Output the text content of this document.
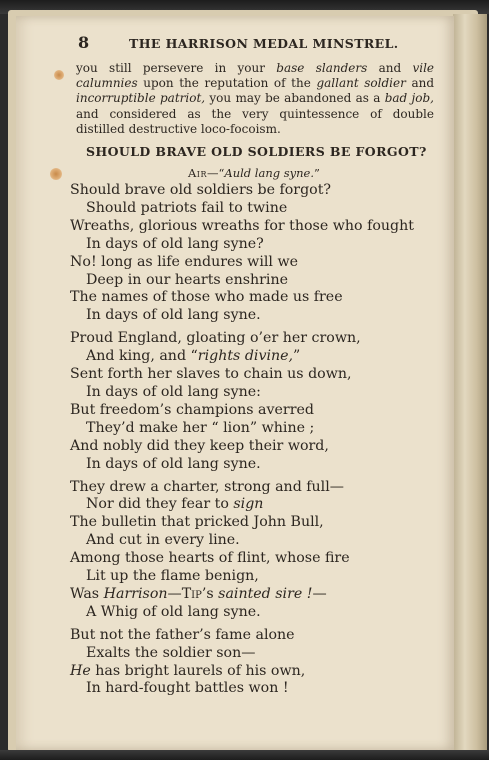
8	THE HARRISON MEDAL MINSTREL.
you still persevere in your base slanders and vile calumnies upon the reputation of the gallant soldier and incorruptible patriot, you may be abandoned as a bad job, and considered as the very quintessence of double distilled destructive loco-focoism.
SHOULD BRAVE OLD SOLDIERS BE FORGOT?
Air—“Auld lang syne.”
Should brave old soldiers be forgot?
Should patriots fail to twine
Wreaths, glorious wreaths for those who fought
In days of old lang syne?
No! long as life endures will we
Deep in our hearts enshrine
The names of those who made us free
In days of old lang syne.
Proud England, gloating o’er her crown,
And king, and “rights divine,”
Sent forth her slaves to chain us down,
In days of old lang syne:
But freedom’s champions averred
They’d make her “ lion” whine ;
And nobly did they keep their word,
In days of old lang syne.
They drew a charter, strong and full—
Nor did they fear to sign
The bulletin that pricked John Bull,
And cut in every line.
Among those hearts of flint, whose fire
Lit up the flame benign,
Was Harrison—Tip’s sainted sire !—
A Whig of old lang syne.
But not the father’s fame alone
Exalts the soldier son—
He has bright laurels of his own,
In hard-fought battles won !
